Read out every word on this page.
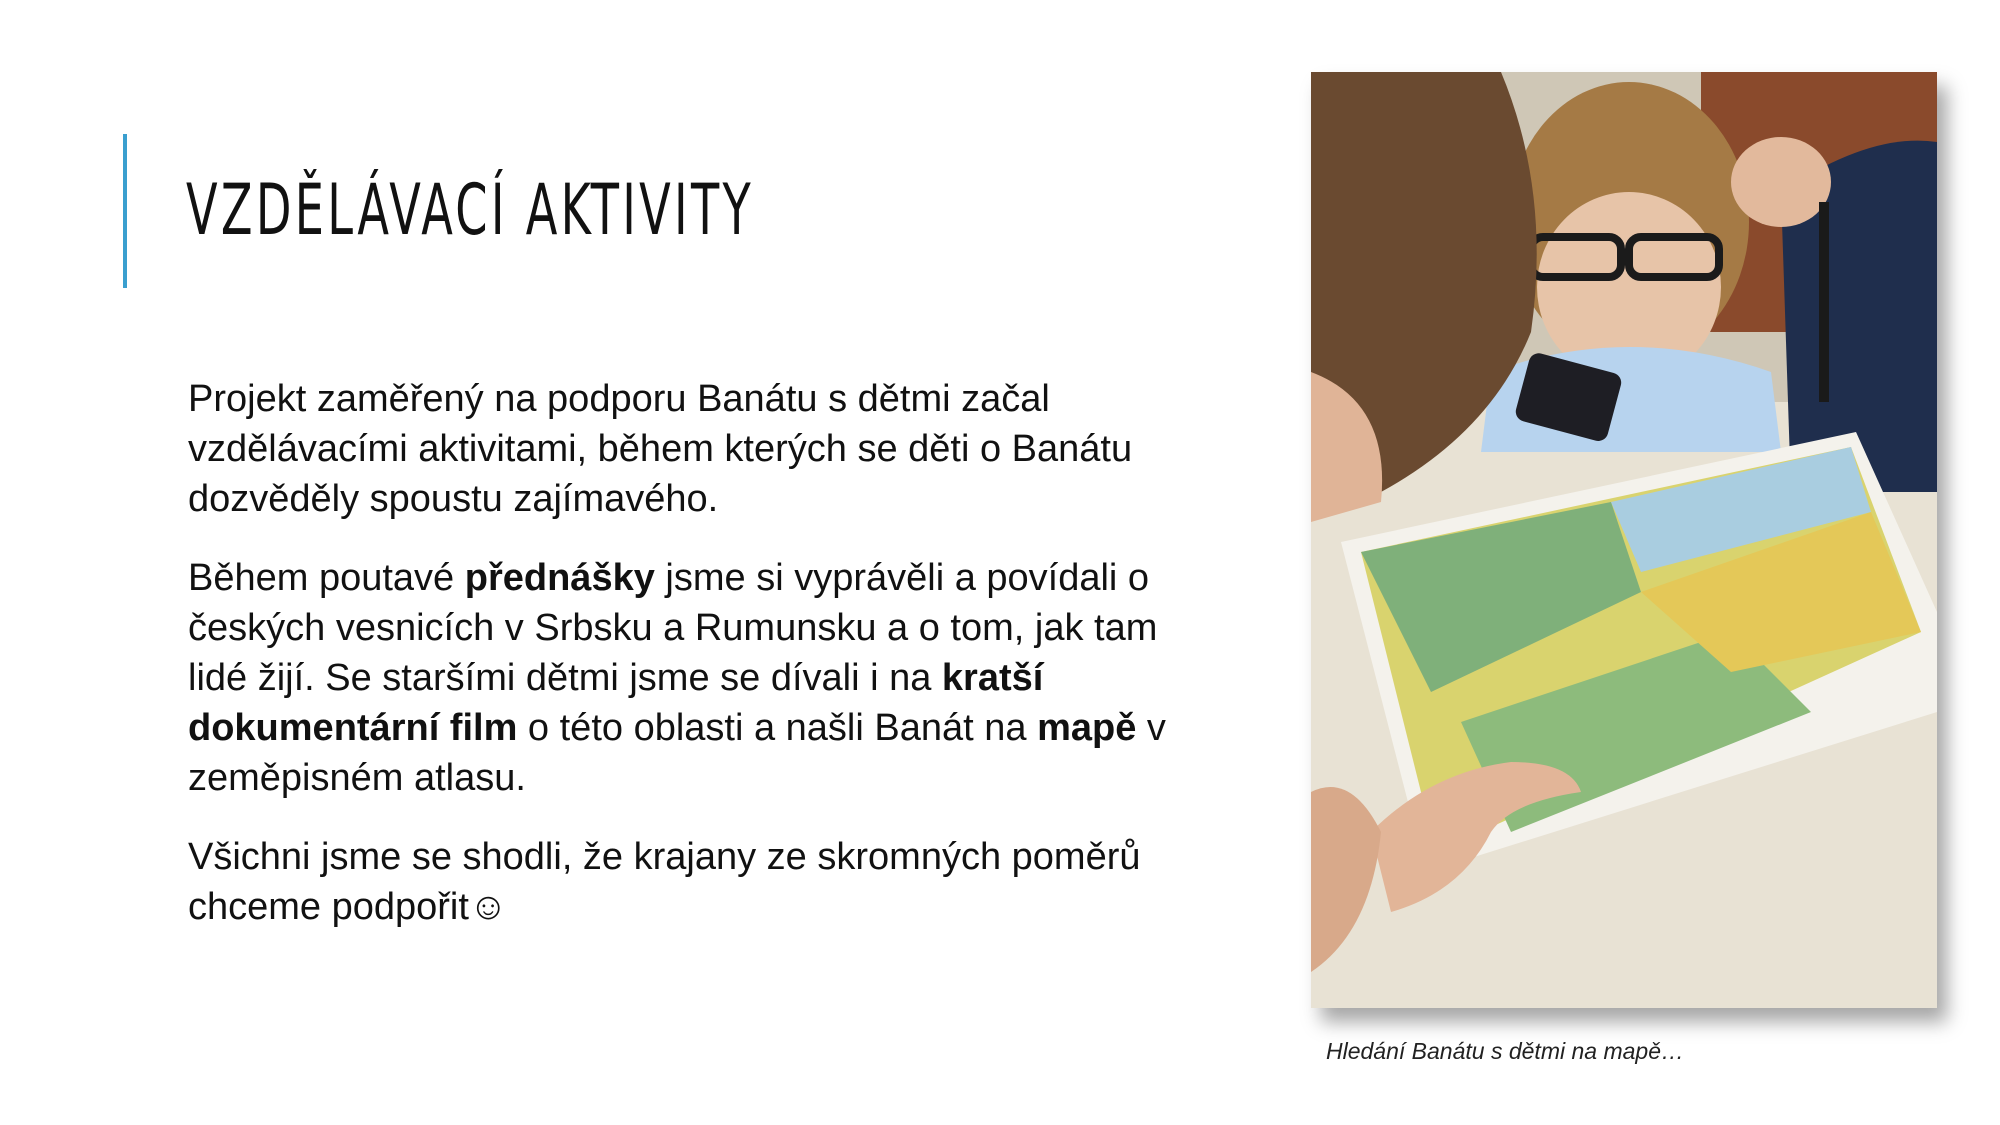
VZDĚLÁVACÍ AKTIVITY

Projekt zaměřený na podporu Banátu s dětmi začal vzdělávacími aktivitami, během kterých se děti o Banátu dozvěděly spoustu zajímavého.

Během poutavé přednášky jsme si vyprávěli a povídali o českých vesnicích v Srbsku a Rumunsku a o tom, jak tam lidé žijí. Se staršími dětmi jsme se dívali i na kratší dokumentární film o této oblasti a našli Banát na mapě v zeměpisném atlasu.

Všichni jsme se shodli, že krajany ze skromných poměrů chceme podpořit☺

Hledání Banátu s dětmi na mapě…
